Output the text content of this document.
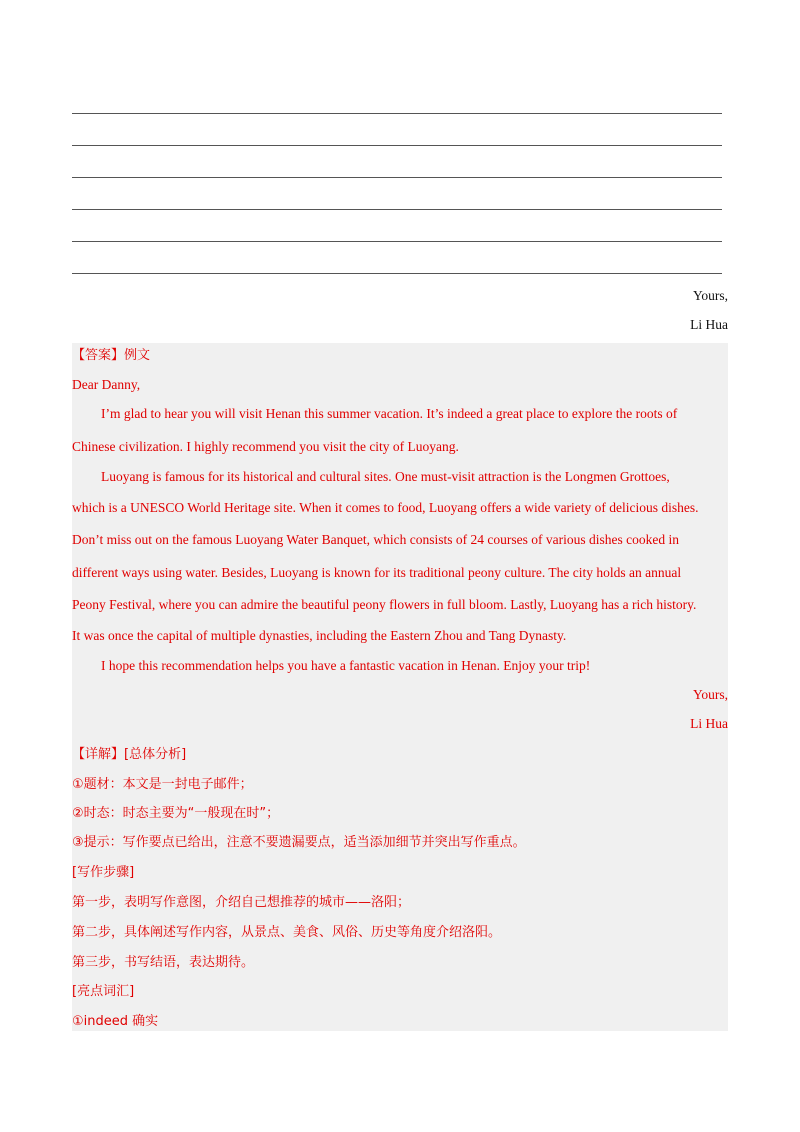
Yours,
Li Hua
【答案】例文
Dear Danny,
I’m glad to hear you will visit Henan this summer vacation. It’s indeed a great place to explore the roots of
Chinese civilization. I highly recommend you visit the city of Luoyang.
Luoyang is famous for its historical and cultural sites. One must-visit attraction is the Longmen Grottoes,
which is a UNESCO World Heritage site. When it comes to food, Luoyang offers a wide variety of delicious dishes.
Don’t miss out on the famous Luoyang Water Banquet, which consists of 24 courses of various dishes cooked in
different ways using water. Besides, Luoyang is known for its traditional peony culture. The city holds an annual
Peony Festival, where you can admire the beautiful peony flowers in full bloom. Lastly, Luoyang has a rich history.
It was once the capital of multiple dynasties, including the Eastern Zhou and Tang Dynasty.
I hope this recommendation helps you have a fantastic vacation in Henan. Enjoy your trip!
Yours,
Li Hua
【详解】[总体分析]
①题材：本文是一封电子邮件；
②时态：时态主要为“一般现在时”；
③提示：写作要点已给出，注意不要遗漏要点，适当添加细节并突出写作重点。
[写作步骤]
第一步，表明写作意图，介绍自己想推荐的城市——洛阳；
第二步，具体阐述写作内容，从景点、美食、风俗、历史等角度介绍洛阳。
第三步，书写结语，表达期待。
[亮点词汇]
①indeed 确实
